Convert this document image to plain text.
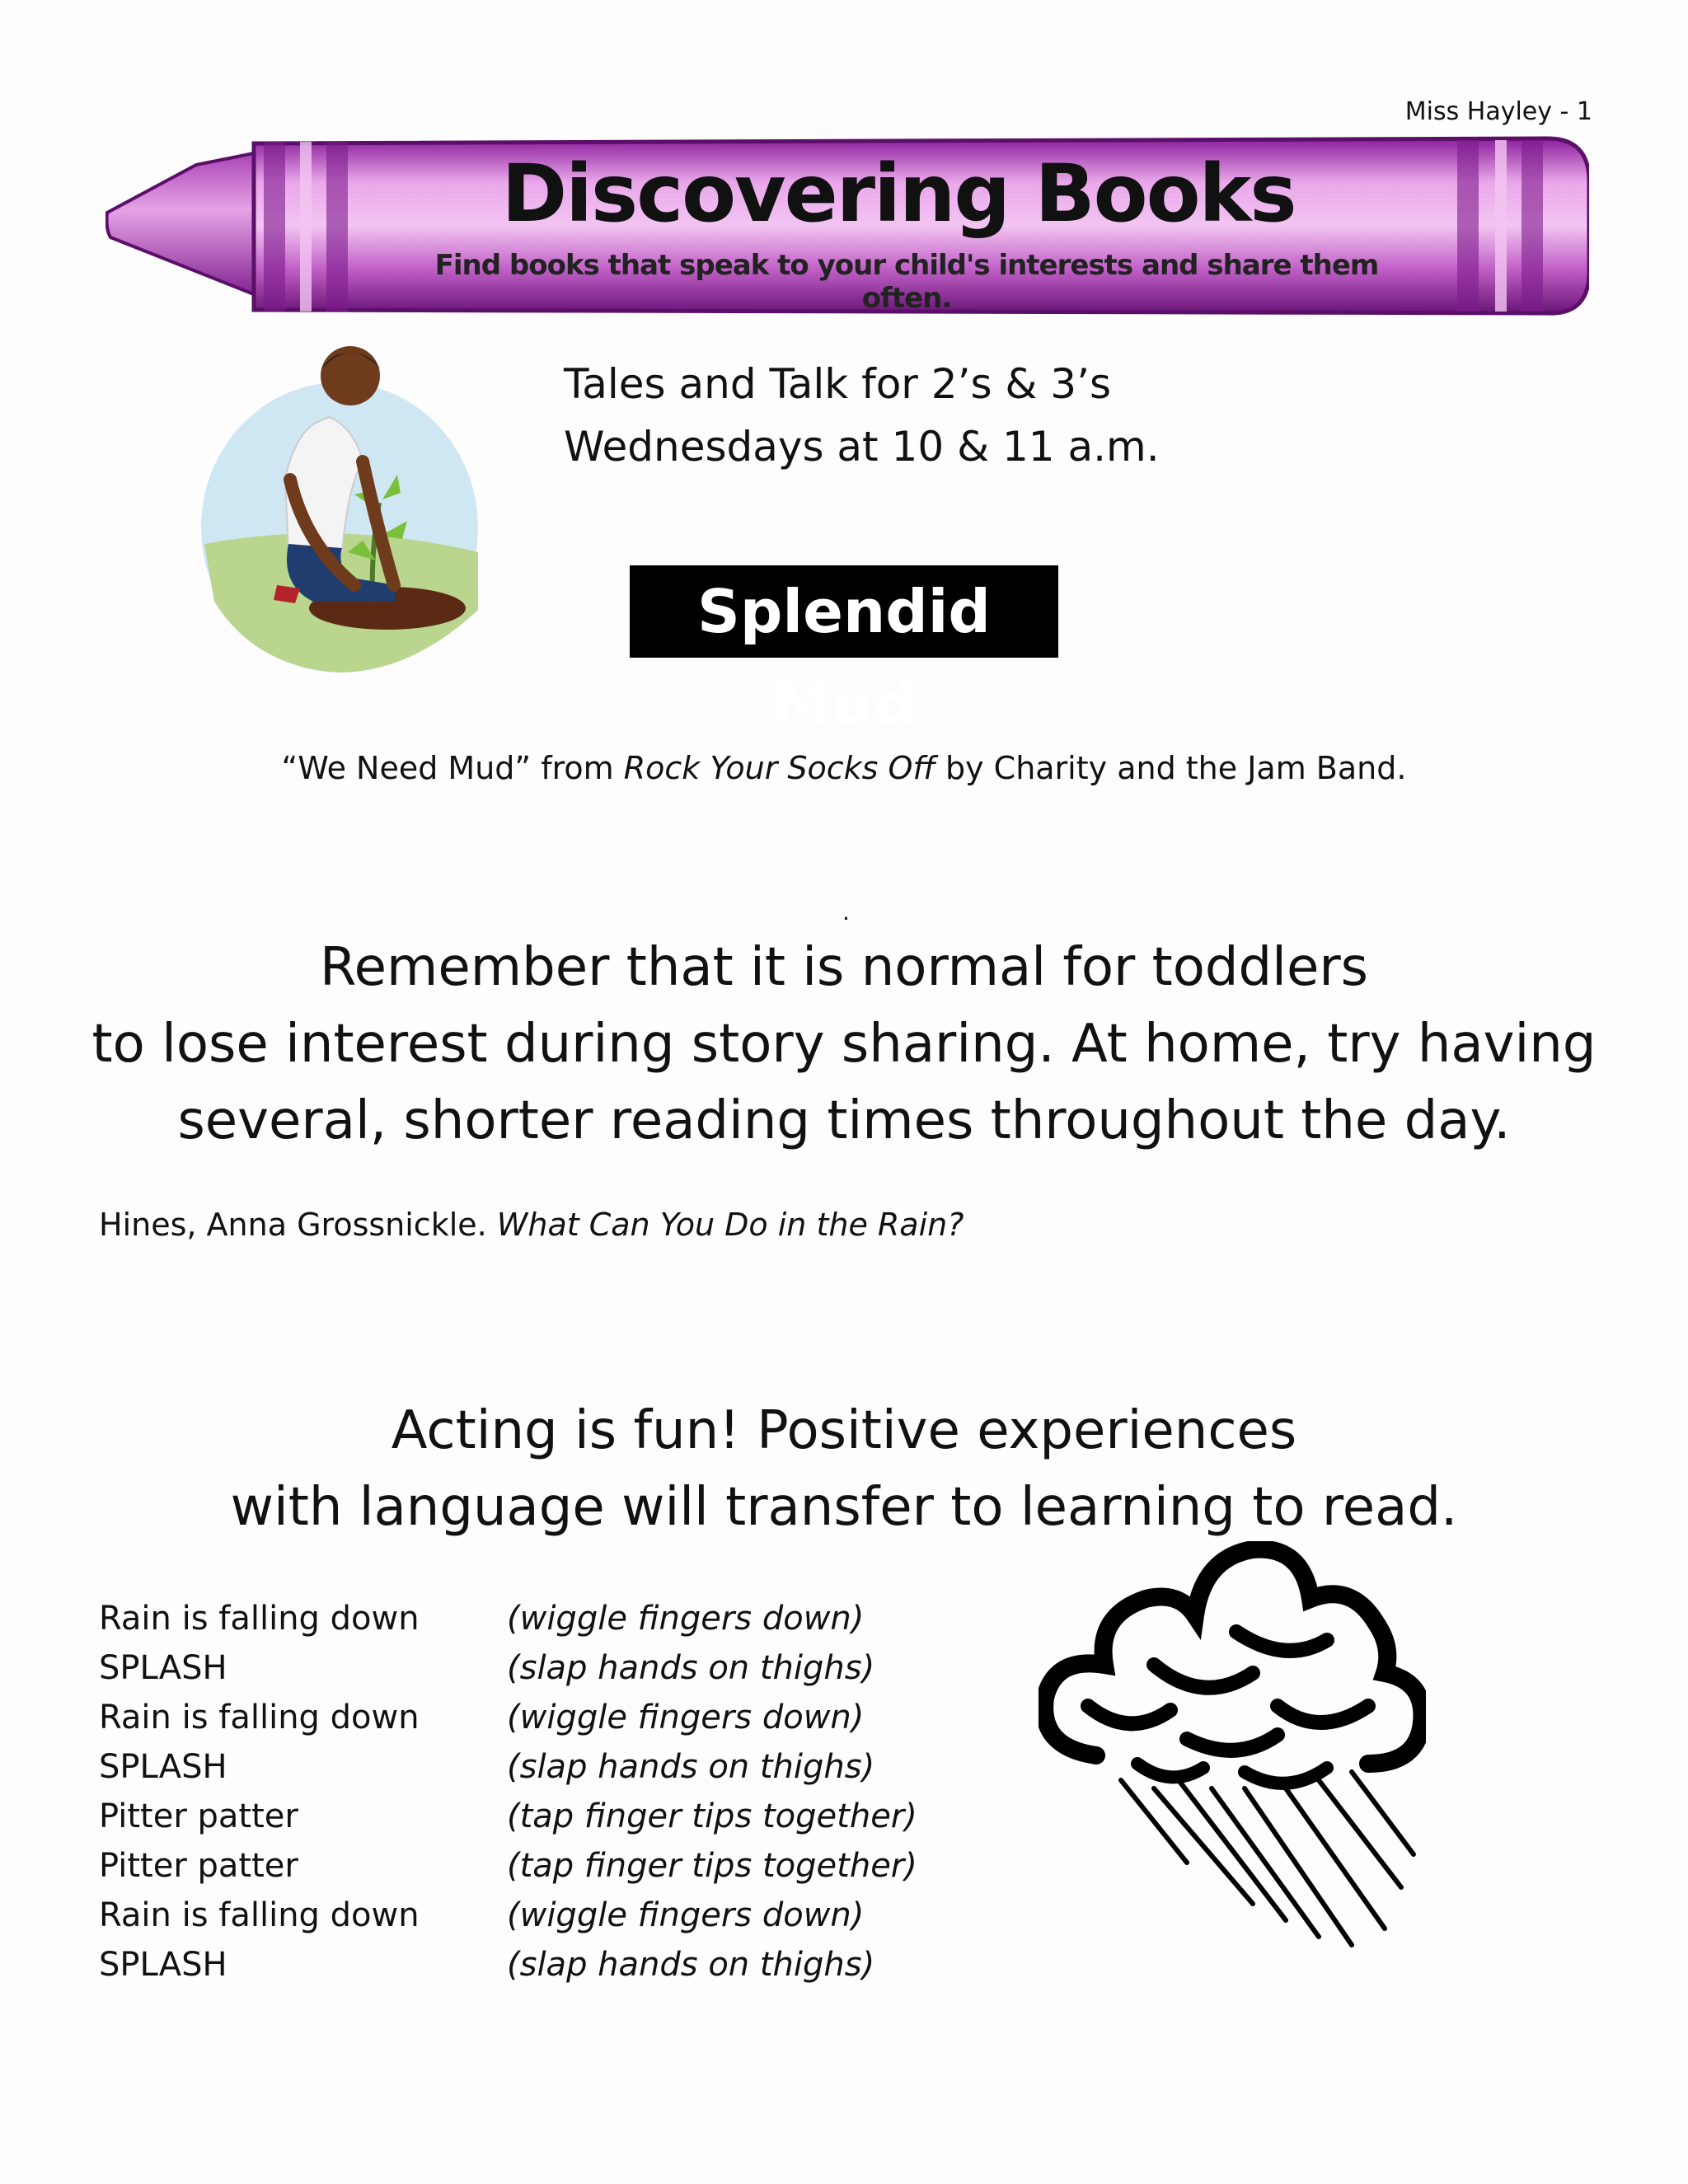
Miss Hayley - 1
Discovering Books
Find books that speak to your child's interests and share them often.
Tales and Talk for 2’s & 3’s
Wednesdays at 10 & 11 a.m.
Splendid Mud
“We Need Mud” from Rock Your Socks Off by Charity and the Jam Band.
.
Remember that it is normal for toddlers
to lose interest during story sharing. At home, try having
several, shorter reading times throughout the day.
Hines, Anna Grossnickle. What Can You Do in the Rain?
Acting is fun! Positive experiences
with language will transfer to learning to read.
Rain is falling down	(wiggle fingers down)
SPLASH	(slap hands on thighs)
Rain is falling down	(wiggle fingers down)
SPLASH	(slap hands on thighs)
Pitter patter	(tap finger tips together)
Pitter patter	(tap finger tips together)
Rain is falling down	(wiggle fingers down)
SPLASH	(slap hands on thighs)
